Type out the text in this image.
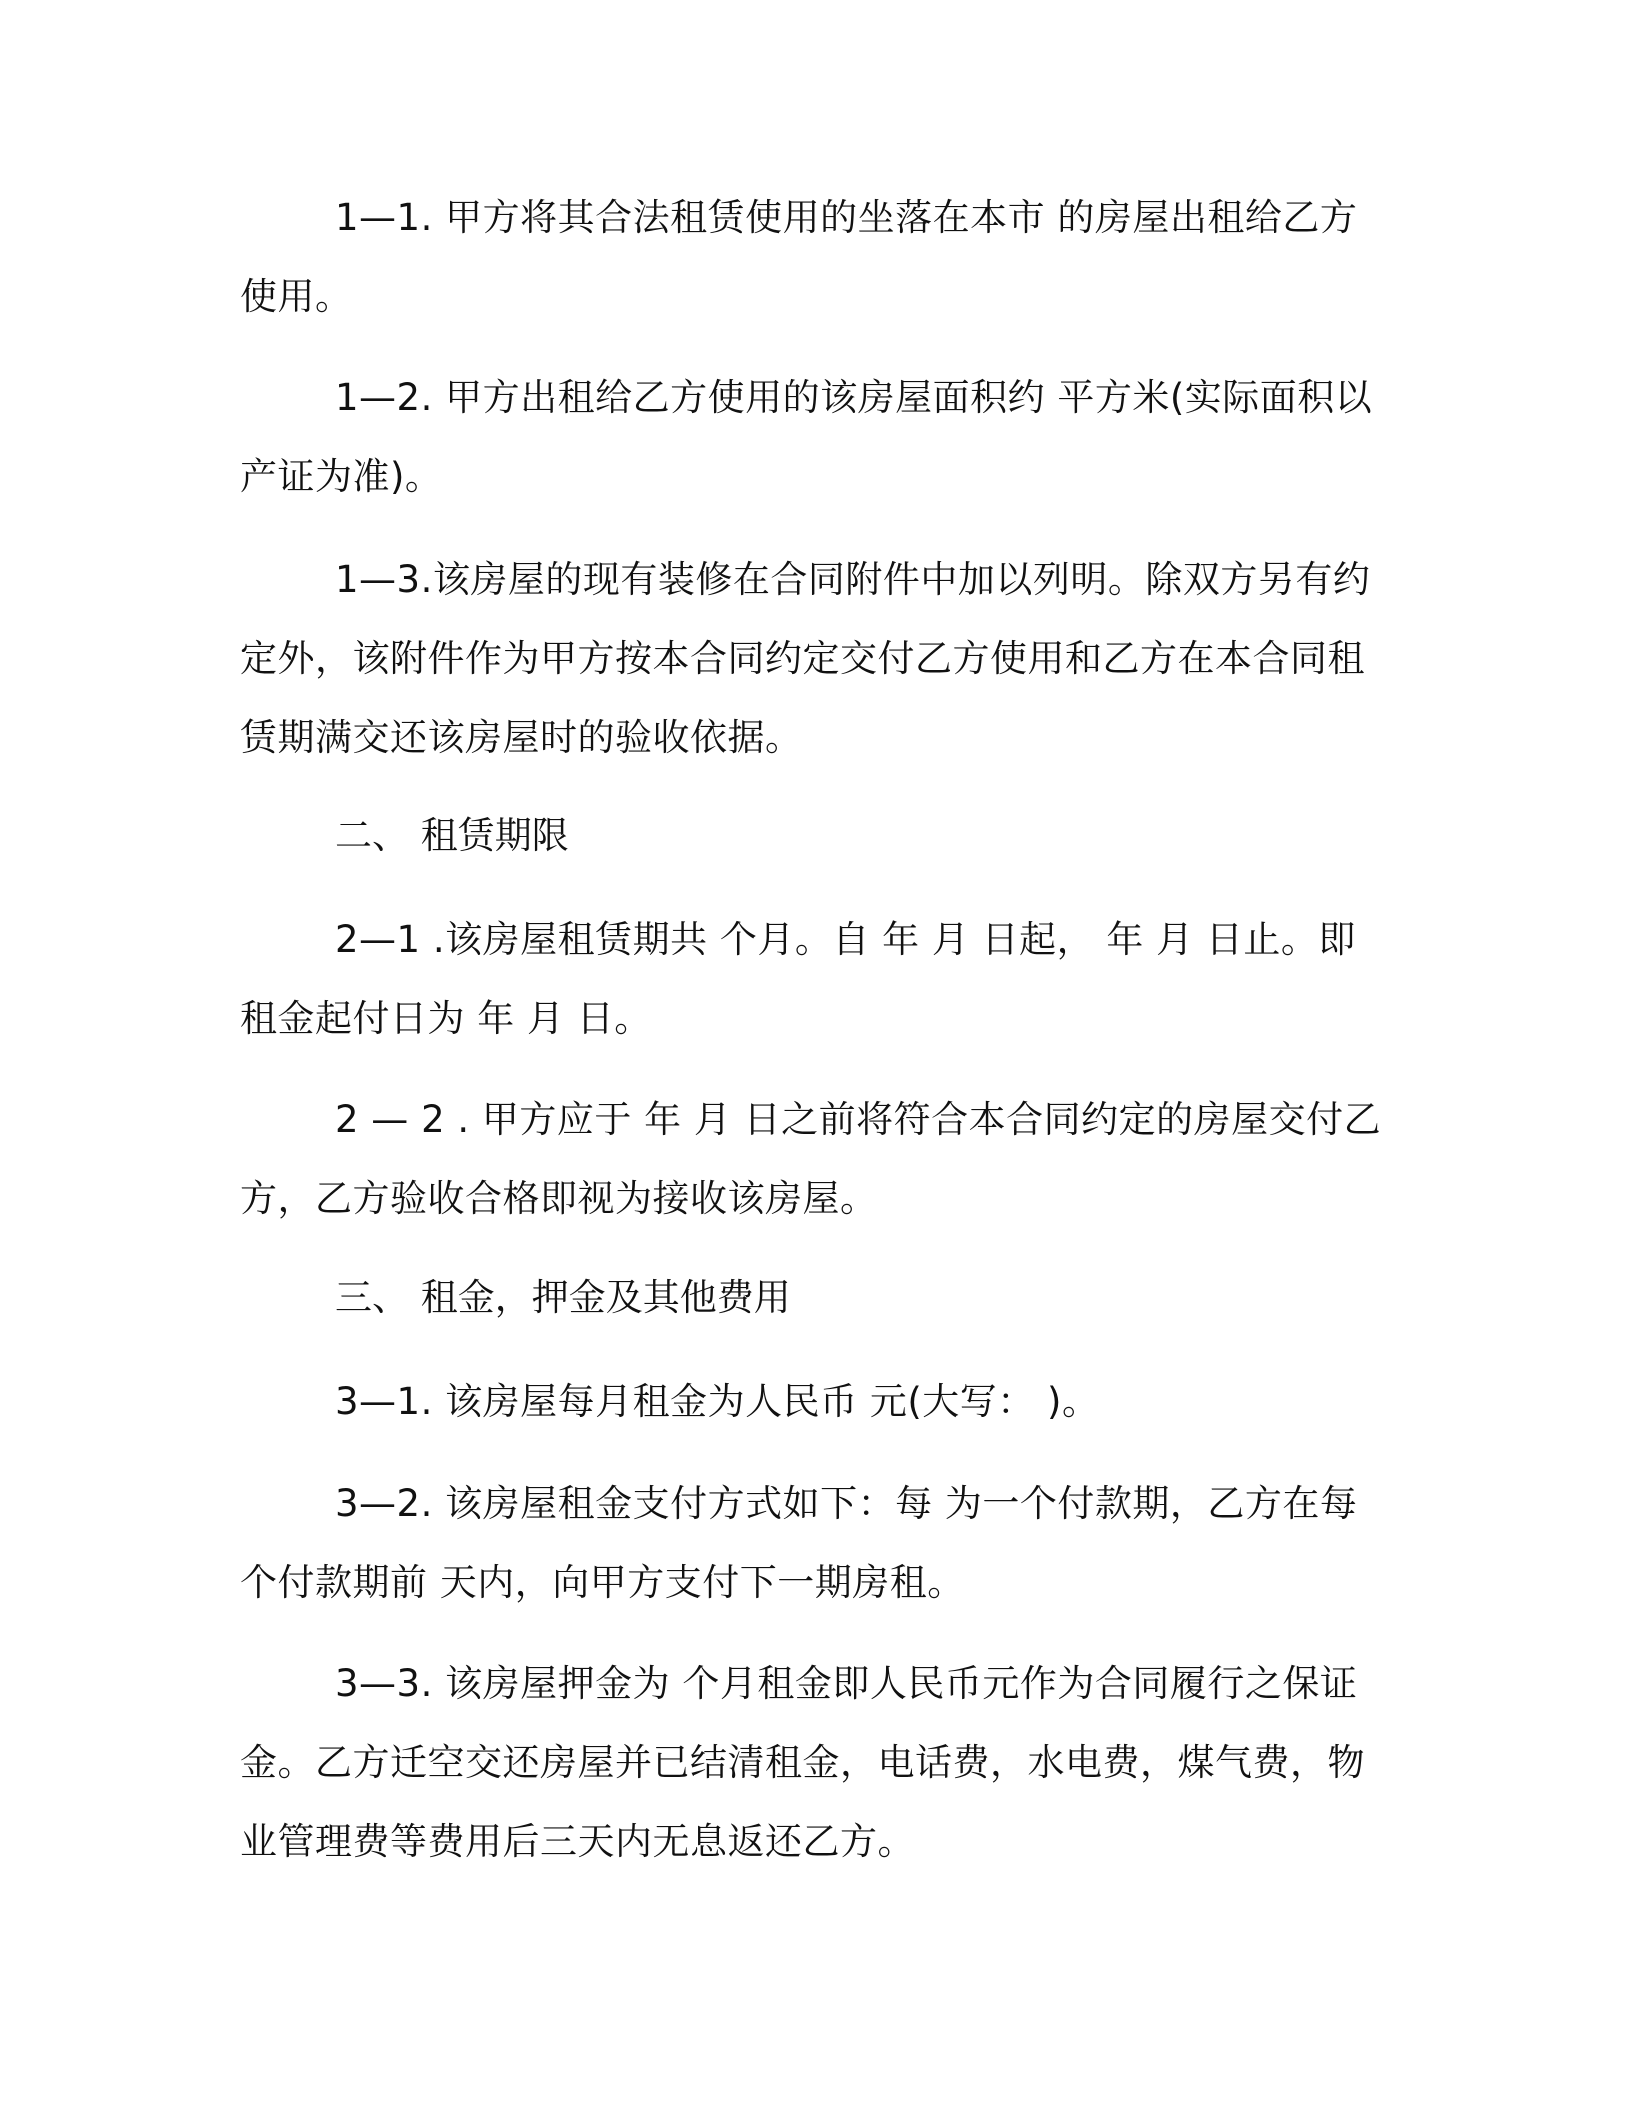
1—1. 甲方将其合法租赁使用的坐落在本市 的房屋出租给乙方使用。

1—2. 甲方出租给乙方使用的该房屋面积约 平方米(实际面积以产证为准)。

1—3.该房屋的现有装修在合同附件中加以列明。除双方另有约定外，该附件作为甲方按本合同约定交付乙方使用和乙方在本合同租赁期满交还该房屋时的验收依据。

二、 租赁期限

2—1 .该房屋租赁期共 个月。自 年 月 日起， 年 月 日止。即租金起付日为 年 月 日。

2 — 2 . 甲方应于 年 月 日之前将符合本合同约定的房屋交付乙方，乙方验收合格即视为接收该房屋。

三、 租金，押金及其他费用

3—1. 该房屋每月租金为人民币 元(大写： )。

3—2. 该房屋租金支付方式如下：每 为一个付款期，乙方在每个付款期前 天内，向甲方支付下一期房租。

3—3. 该房屋押金为 个月租金即人民币元作为合同履行之保证金。乙方迁空交还房屋并已结清租金，电话费，水电费，煤气费，物业管理费等费用后三天内无息返还乙方。
